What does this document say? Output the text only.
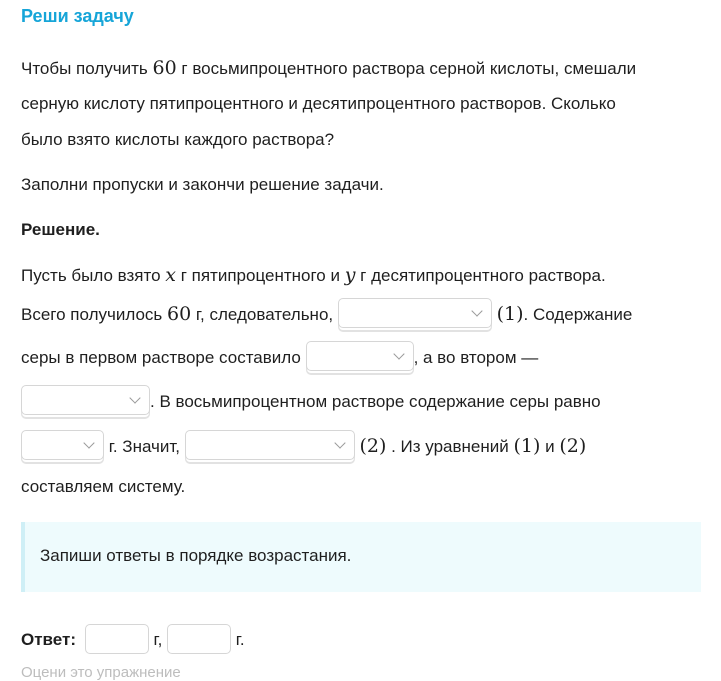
Реши задачу
Чтобы получить 60 г восьмипроцентного раствора серной кислоты, смешали
серную кислоту пятипроцентного и десятипроцентного растворов. Сколько
было взято кислоты каждого раствора?
Заполни пропуски и закончи решение задачи.
Решение.
Пусть было взято x г пятипроцентного и y г десятипроцентного раствора.
Всего получилось 60 г, следовательно,	(1). Содержание
серы в первом растворе составило	, а во втором —
. В восьмипроцентном растворе содержание серы равно
г. Значит,	(2) . Из уравнений (1) и (2)
составляем систему.
Запиши ответы в порядке возрастания.
Ответ:	г,	г.
Оцени это упражнение
